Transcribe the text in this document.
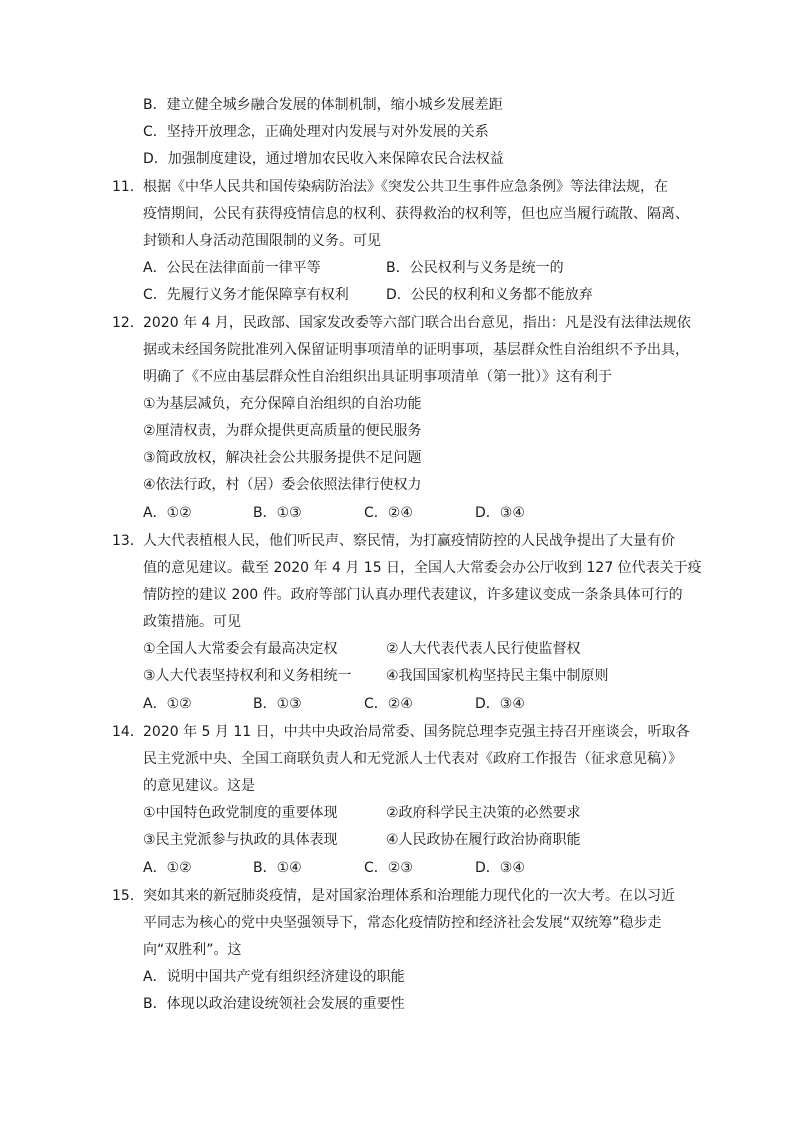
B．建立健全城乡融合发展的体制机制，缩小城乡发展差距
C．坚持开放理念，正确处理对内发展与对外发展的关系
D．加强制度建设，通过增加农民收入来保障农民合法权益
11． 根据《中华人民共和国传染病防治法》《突发公共卫生事件应急条例》等法律法规，在
疫情期间，公民有获得疫情信息的权利、获得救治的权利等，但也应当履行疏散、隔离、
封锁和人身活动范围限制的义务。可见
A．公民在法律面前一律平等	B．公民权利与义务是统一的
C．先履行义务才能保障享有权利	D．公民的权利和义务都不能放弃
12． 2020 年 4 月，民政部、国家发改委等六部门联合出台意见，指出：凡是没有法律法规依
据或未经国务院批准列入保留证明事项清单的证明事项，基层群众性自治组织不予出具，
明确了《不应由基层群众性自治组织出具证明事项清单（第一批）》这有利于
①为基层减负，充分保障自治组织的自治功能
②厘清权责，为群众提供更高质量的便民服务
③简政放权，解决社会公共服务提供不足问题
④依法行政，村（居）委会依照法律行使权力
A．①②	B．①③	C．②④	D．③④
13． 人大代表植根人民，他们听民声、察民情，为打赢疫情防控的人民战争提出了大量有价
值的意见建议。截至 2020 年 4 月 15 日，全国人大常委会办公厅收到 127 位代表关于疫
情防控的建议 200 件。政府等部门认真办理代表建议，许多建议变成一条条具体可行的
政策措施。可见
①全国人大常委会有最高决定权	②人大代表代表人民行使监督权
③人大代表坚持权利和义务相统一 ④我国国家机构坚持民主集中制原则
A．①②	B．①③	C．②④	D．③④
14． 2020 年 5 月 11 日，中共中央政治局常委、国务院总理李克强主持召开座谈会，听取各
民主党派中央、全国工商联负责人和无党派人士代表对《政府工作报告（征求意见稿）》
的意见建议。这是
①中国特色政党制度的重要体现	②政府科学民主决策的必然要求
③民主党派参与执政的具体表现	④人民政协在履行政治协商职能
A．①②	B．①④	C．②③	D．③④
15． 突如其来的新冠肺炎疫情，是对国家治理体系和治理能力现代化的一次大考。在以习近
平同志为核心的党中央坚强领导下，常态化疫情防控和经济社会发展“双统筹”稳步走
向“双胜利”。这
A．说明中国共产党有组织经济建设的职能
B．体现以政治建设统领社会发展的重要性
